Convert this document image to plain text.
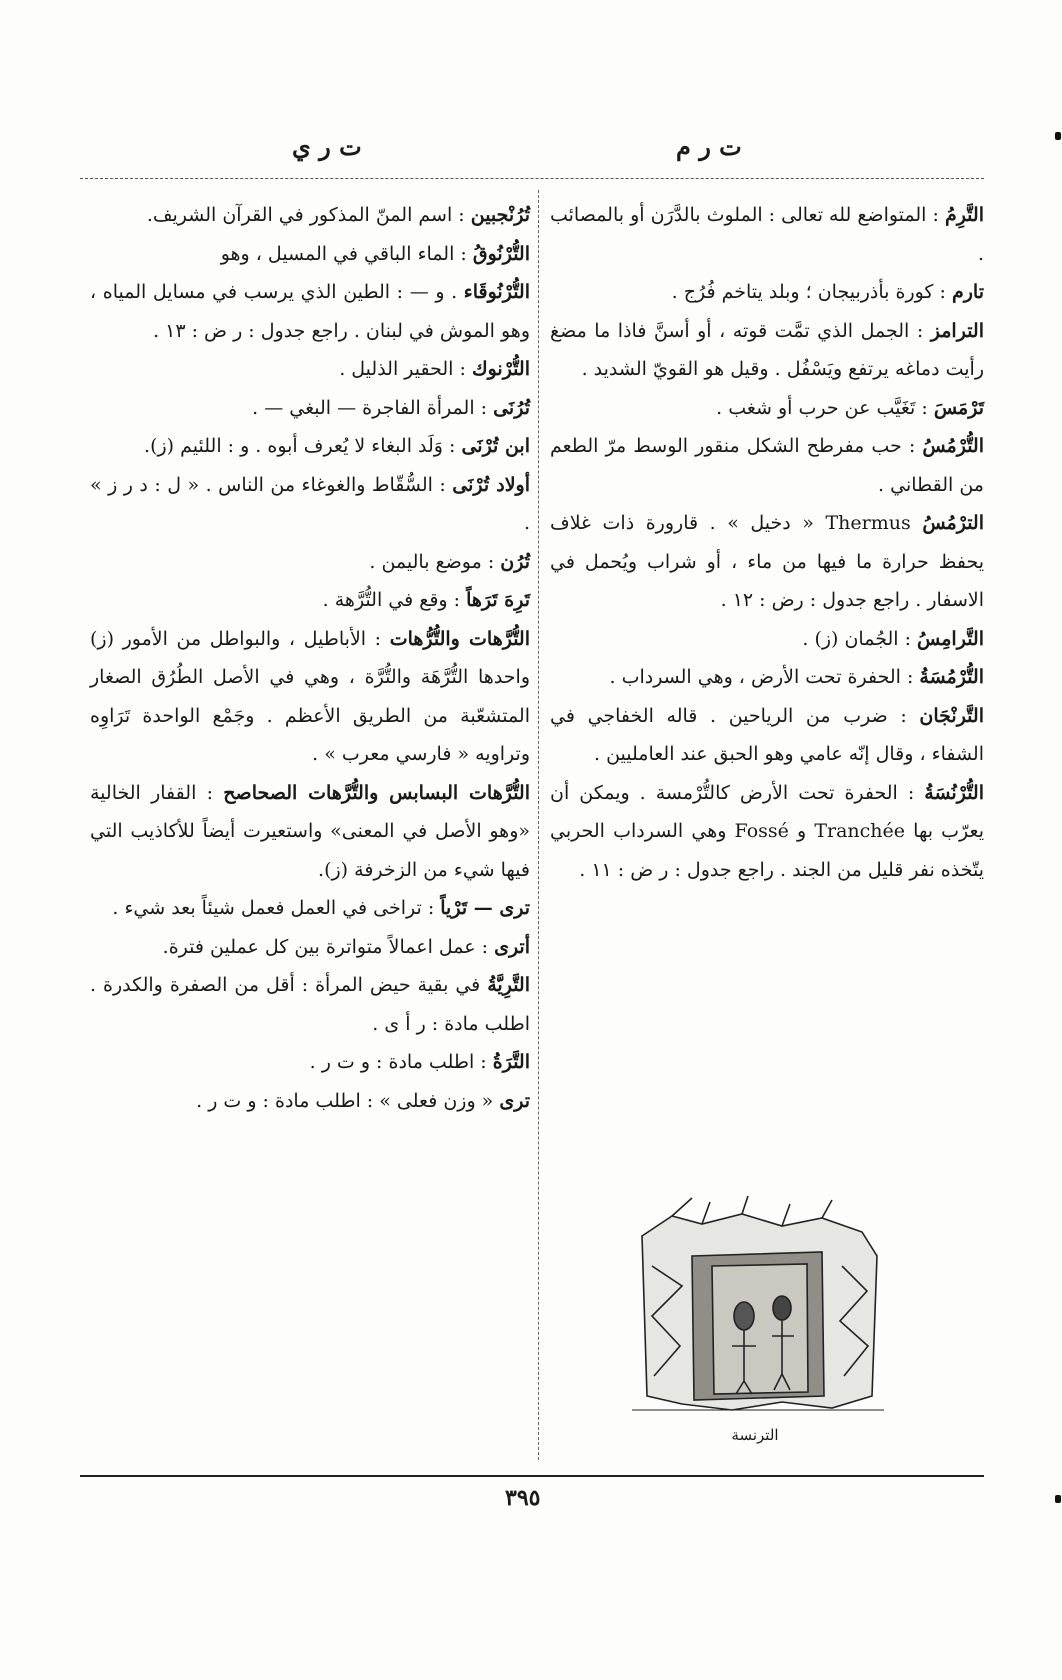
ت ر ي	ت ر م

التَّرِمُ : المتواضع لله تعالى : الملوث بالدَّرَن أو بالمصائب .

تارم : كورة بأذربيجان ؛ وبلد يتاخم فُرُج .

الترامز : الجمل الذي تمَّت قوته ، أو أسنَّ فاذا ما مضغ رأيت دماغه يرتفع ويَسْفُل . وقيل هو القويّ الشديد .

تَرْمَسَ : تَغَيَّب عن حرب أو شغب .

التُّرْمُسُ : حب مفرطح الشكل منقور الوسط مرّ الطعم من القطاني .

الترْمُسُ Thermus « دخيل » . قارورة ذات غلاف يحفظ حرارة ما فيها من ماء ، أو شراب ويُحمل في الاسفار . راجع جدول : رض : ١٢ .

التَّرامِسُ : الجُمان (ز) .

التُّرْمُسَةُ : الحفرة تحت الأرض ، وهي السرداب .

التَّرنْجَان : ضرب من الرياحين . قاله الخفاجي في الشفاء ، وقال إنّه عامي وهو الحبق عند العامليين .

التُّرْنُسَةُ : الحفرة تحت الأرض كالتُّرْمسة . ويمكن أن يعرّب بها Tranchée و Fossé وهي السرداب الحربي يتّخذه نفر قليل من الجند . راجع جدول : ر ض : ١١ .

تُرُنْجبين : اسم المنّ المذكور في القرآن الشريف.

التُّرْنُوقُ : الماء الباقي في المسيل ، وهو

التُّرْنُوقَاء . و — : الطين الذي يرسب في مسايل المياه ، وهو الموش في لبنان . راجع جدول : ر ض : ١٣ .

التُّرْنوك : الحقير الذليل .

تُرُنَى : المرأة الفاجرة — البغي — .

ابن تُرْنَى : وَلَد البغاء لا يُعرف أبوه . و : اللئيم (ز).

أولاد تُرْنَى : السُّقّاط والغوغاء من الناس . « ل : د ر ز » .

تُرُن : موضع باليمن .

تَرِهَ تَرَهاً : وقع في التُّرَّهة .

التُّرَّهات والتُّرُّهات : الأباطيل ، والبواطل من الأمور (ز) واحدها التُّرَّهَة والتُّرَّة ، وهي في الأصل الطُرُق الصغار المتشعّبة من الطريق الأعظم . وجَمْع الواحدة تَرَاوِه وتراويه « فارسي معرب » .

التُّرَّهات البسابس والتُّرَّهات الصحاصح : القفار الخالية «وهو الأصل في المعنى» واستعيرت أيضاً للأكاذيب التي فيها شيء من الزخرفة (ز).

ترى — تَرْياً : تراخى في العمل فعمل شيئاً بعد شيء .

أترى : عمل اعمالاً متواترة بين كل عملين فترة.

التَّرِيَّةُ في بقية حيض المرأة : أقل من الصفرة والكدرة . اطلب مادة : ر أ ى .

التَّرَةُ : اطلب مادة : و ت ر .

ترى « وزن فعلى » : اطلب مادة : و ت ر .

الترنسة
٣٩٥
